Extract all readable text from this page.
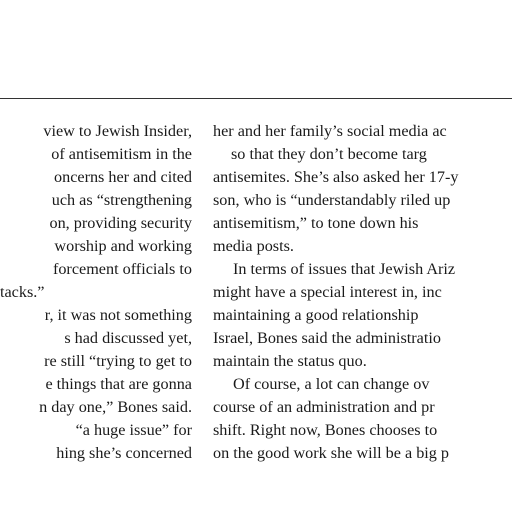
view to Jewish Insider,
of antisemitism in the
oncerns her and cited
uch as “strengthening
on, providing security
worship and working
forcement officials to
tacks.”
r, it was not something
s had discussed yet,
re still “trying to get to
e things that are gonna
n day one,” Bones said.
“a huge issue” for
hing she’s concerned
her and her family’s social media ac
so that they don’t become targ
antisemites. She’s also asked her 17-y
son, who is “understandably riled up
antisemitism,” to tone down his
media posts.
In terms of issues that Jewish Ariz
might have a special interest in, inc
maintaining a good relationship
Israel, Bones said the administratio
maintain the status quo.
Of course, a lot can change ov
course of an administration and pr
shift. Right now, Bones chooses to
on the good work she will be a big p
